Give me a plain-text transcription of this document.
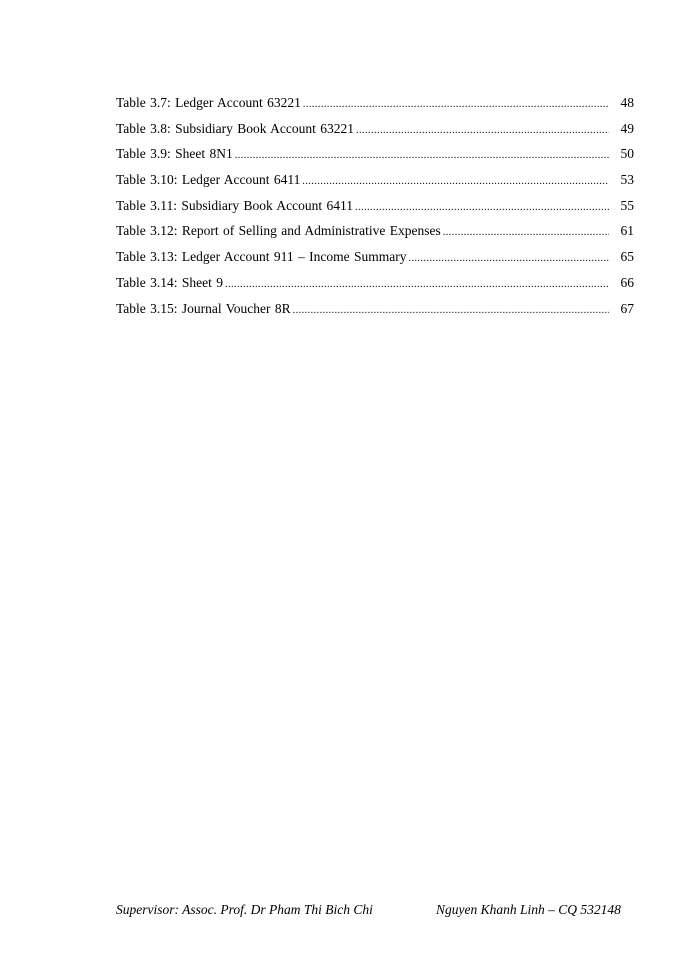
Table 3.7: Ledger Account 63221 .....	48
Table 3.8: Subsidiary Book Account 63221 .....	49
Table 3.9: Sheet 8N1 .....	50
Table 3.10: Ledger Account 6411 .....	53
Table 3.11: Subsidiary Book Account 6411 .....	55
Table 3.12: Report of Selling and Administrative Expenses .....	61
Table 3.13: Ledger Account 911 – Income Summary .....	65
Table 3.14: Sheet 9 .....	66
Table 3.15: Journal Voucher 8R .....	67
Supervisor: Assoc. Prof. Dr Pham Thi Bich Chi	Nguyen Khanh Linh – CQ 532148
